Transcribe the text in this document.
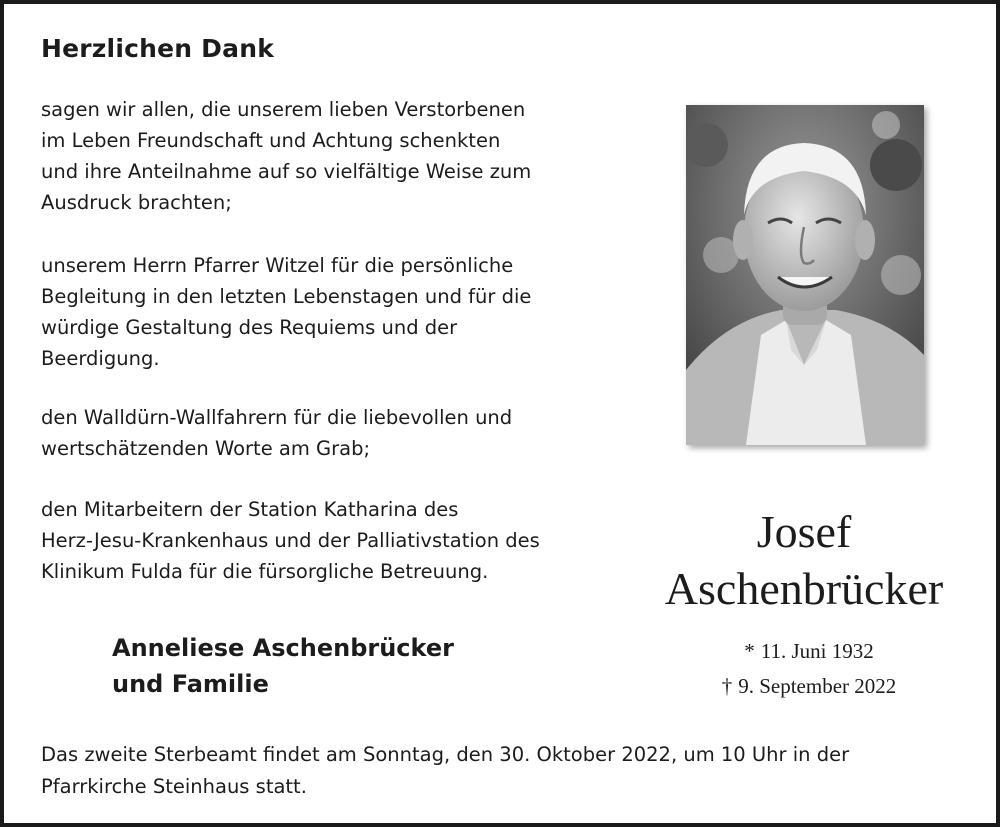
Herzlichen Dank
sagen wir allen, die unserem lieben Verstorbenen
im Leben Freundschaft und Achtung schenkten
und ihre Anteilnahme auf so vielfältige Weise zum
Ausdruck brachten;
unserem Herrn Pfarrer Witzel für die persönliche
Begleitung in den letzten Lebenstagen und für die
würdige Gestaltung des Requiems und der
Beerdigung.
den Walldürn-Wallfahrern für die liebevollen und
wertschätzenden Worte am Grab;
den Mitarbeitern der Station Katharina des
Herz-Jesu-Krankenhaus und der Palliativstation des
Klinikum Fulda für die fürsorgliche Betreuung.
Anneliese Aschenbrücker
und Familie
Josef
Aschenbrücker
* 11. Juni 1932
† 9. September 2022
Das zweite Sterbeamt findet am Sonntag, den 30. Oktober 2022, um 10 Uhr in der
Pfarrkirche Steinhaus statt.
